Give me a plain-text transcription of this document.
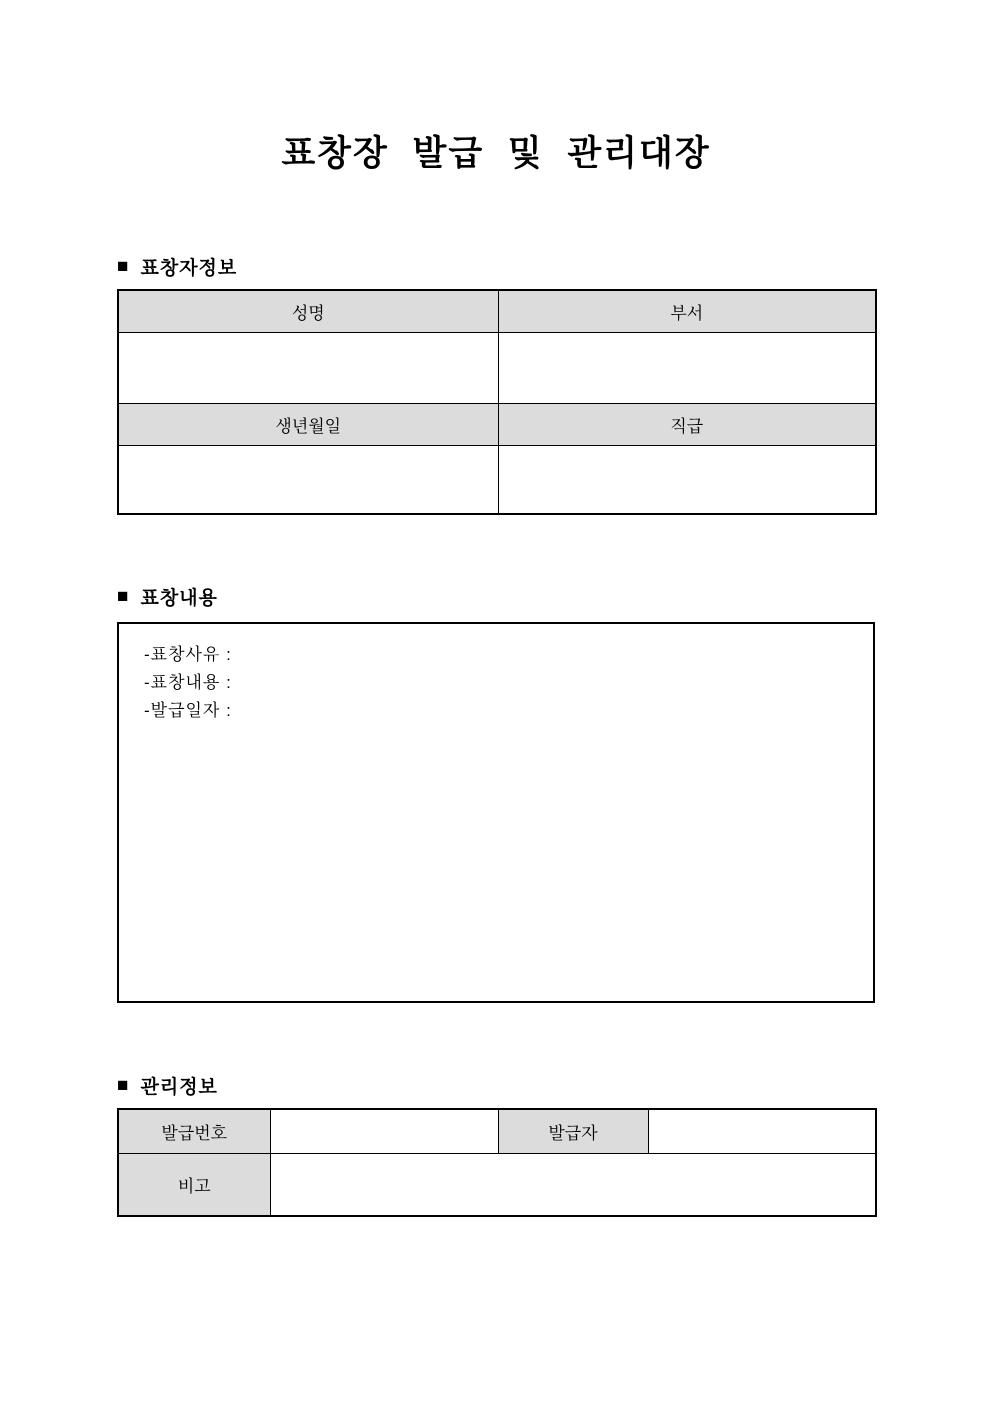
표창장 발급 및 관리대장
■ 표창자정보
성명	부서

생년월일	직급

■ 표창내용
-표창사유 :
-표창내용 :
-발급일자 :
■ 관리정보
발급번호		발급자	
비고			
